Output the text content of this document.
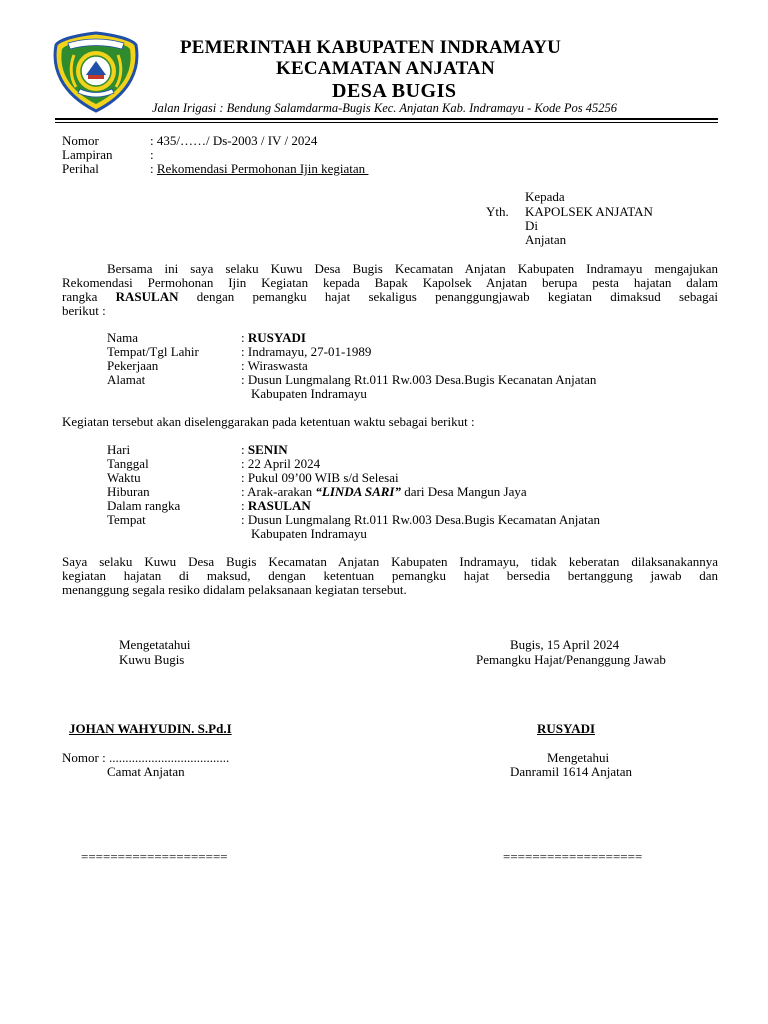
PEMERINTAH KABUPATEN INDRAMAYU
KECAMATAN ANJATAN
DESA BUGIS
Jalan Irigasi : Bendung Salamdarma-Bugis Kec. Anjatan Kab. Indramayu - Kode Pos 45256
Nomor	: 435/……/ Ds-2003 / IV / 2024
Lampiran	:
Perihal	: Rekomendasi Permohonan Ijin kegiatan
Kepada
Yth. KAPOLSEK ANJATAN
Di
Anjatan
Bersama ini saya selaku Kuwu Desa Bugis Kecamatan Anjatan Kabupaten Indramayu mengajukan
Rekomendasi Permohonan Ijin Kegiatan kepada Bapak Kapolsek Anjatan berupa pesta hajatan dalam
rangka RASULAN dengan pemangku hajat sekaligus penanggungjawab kegiatan dimaksud sebagai
berikut :
Nama	: RUSYADI
Tempat/Tgl Lahir	: Indramayu, 27-01-1989
Pekerjaan	: Wiraswasta
Alamat	: Dusun Lungmalang Rt.011 Rw.003 Desa.Bugis Kecanatan Anjatan
Kabupaten Indramayu
Kegiatan tersebut akan diselenggarakan pada ketentuan waktu sebagai berikut :
Hari	: SENIN
Tanggal	: 22 April 2024
Waktu	: Pukul 09’00 WIB s/d Selesai
Hiburan	: Arak-arakan “LINDA SARI” dari Desa Mangun Jaya
Dalam rangka	: RASULAN
Tempat	: Dusun Lungmalang Rt.011 Rw.003 Desa.Bugis Kecamatan Anjatan
Kabupaten Indramayu
Saya selaku Kuwu Desa Bugis Kecamatan Anjatan Kabupaten Indramayu, tidak keberatan dilaksanakannya
kegiatan hajatan di maksud, dengan ketentuan pemangku hajat bersedia bertanggung jawab dan
menanggung segala resiko didalam pelaksanaan kegiatan tersebut.
Mengetatahui
Kuwu Bugis
Bugis, 15 April 2024
Pemangku Hajat/Penanggung Jawab
JOHAN WAHYUDIN. S.Pd.I	RUSYADI
Nomor : .....................................
Camat Anjatan
Mengetahui
Danramil 1614 Anjatan
====================	===================
